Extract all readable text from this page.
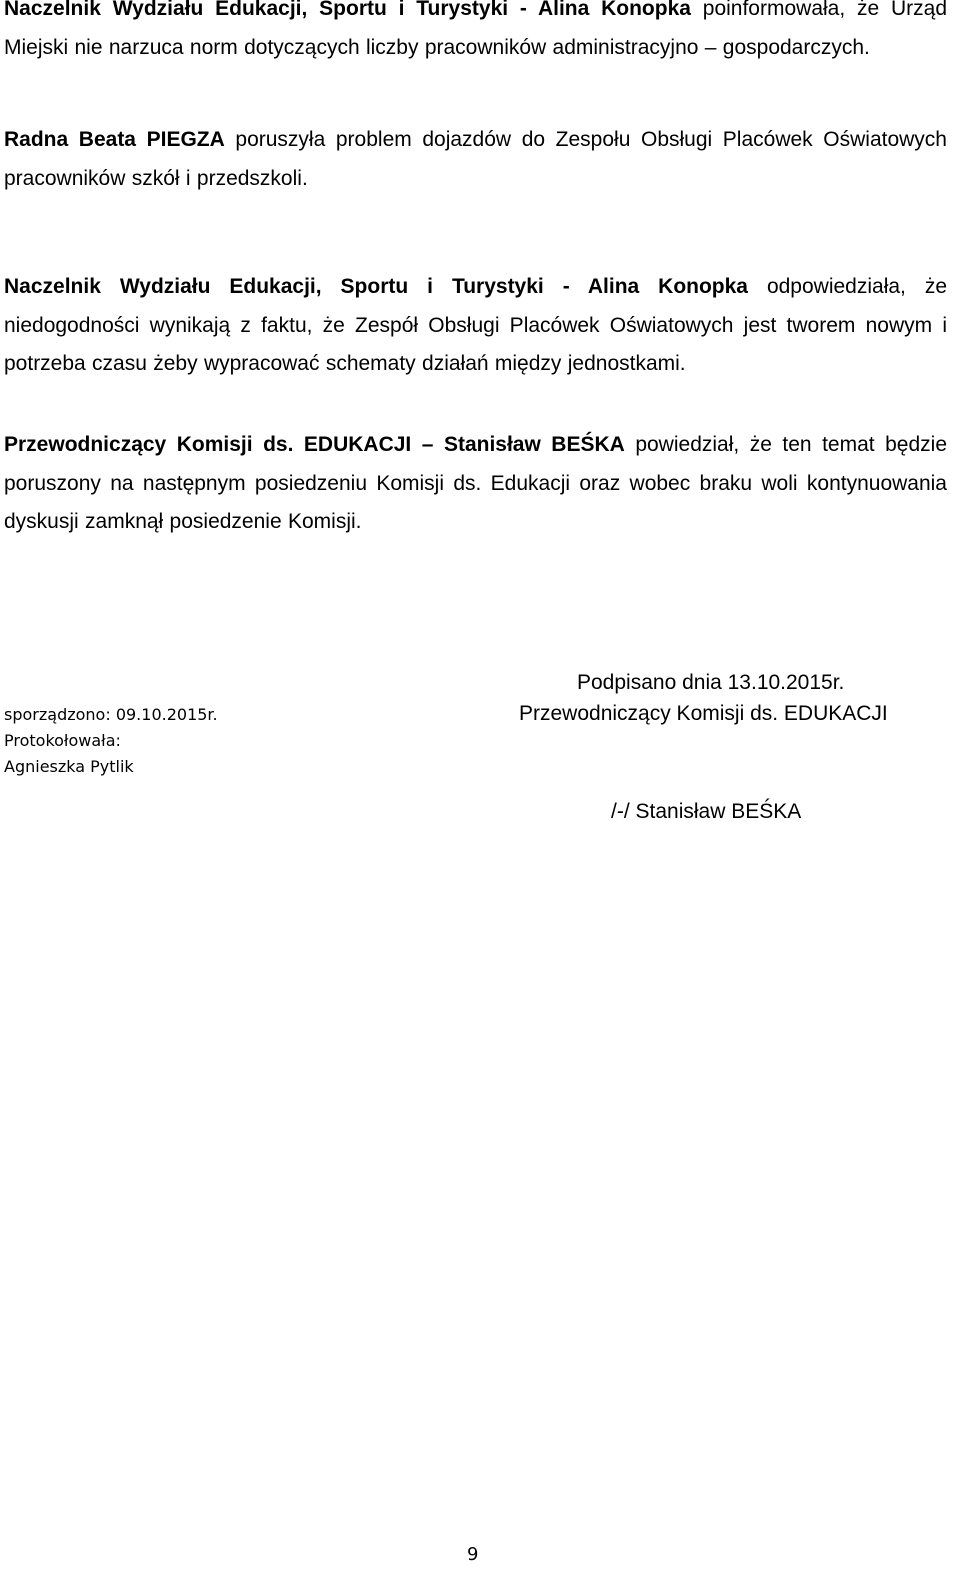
Naczelnik Wydziału Edukacji, Sportu i Turystyki - Alina Konopka poinformowała, że Urząd Miejski nie narzuca norm dotyczących liczby pracowników administracyjno – gospodarczych.
Radna Beata PIEGZA poruszyła problem dojazdów do Zespołu Obsługi Placówek Oświatowych pracowników szkół i przedszkoli.
Naczelnik Wydziału Edukacji, Sportu i Turystyki - Alina Konopka odpowiedziała, że niedogodności wynikają z faktu, że Zespół Obsługi Placówek Oświatowych jest tworem nowym i potrzeba czasu żeby wypracować schematy działań między jednostkami.
Przewodniczący Komisji ds. EDUKACJI – Stanisław BEŚKA powiedział, że ten temat będzie poruszony na następnym posiedzeniu Komisji ds. Edukacji oraz wobec braku woli kontynuowania dyskusji zamknął posiedzenie Komisji.
sporządzono: 09.10.2015r.
Protokołowała:
Agnieszka Pytlik
Podpisano dnia 13.10.2015r.
Przewodniczący Komisji ds. EDUKACJI
/-/ Stanisław BEŚKA
9
